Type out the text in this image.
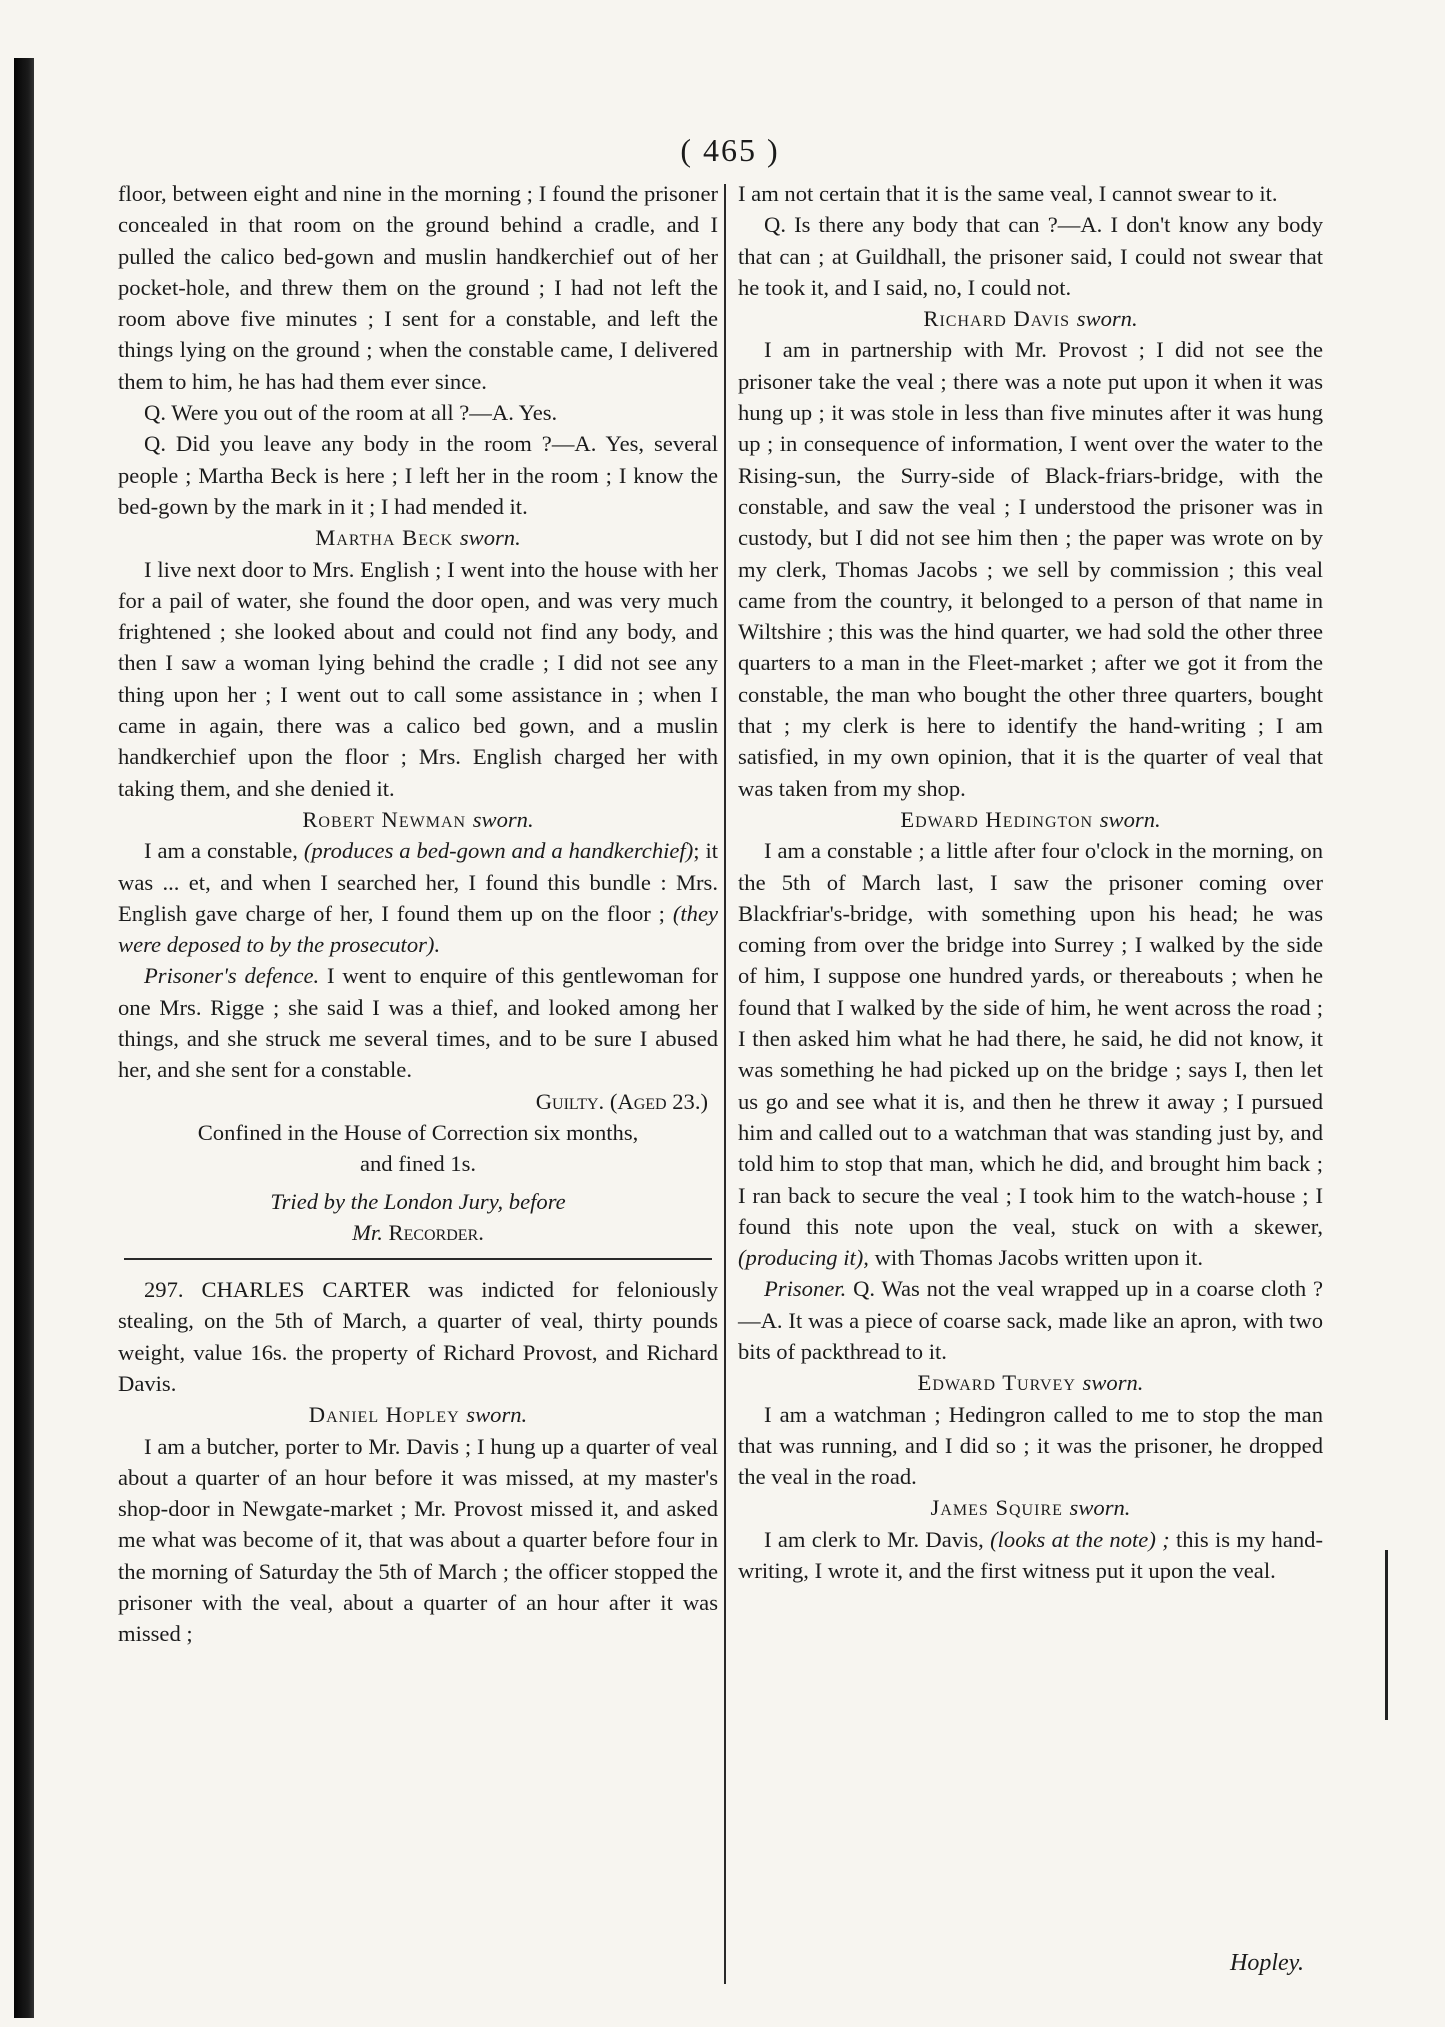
( 465 )

floor, between eight and nine in the morning ; I found the prisoner concealed in that room on the ground behind a cradle, and I pulled the calico bed-gown and muslin handkerchief out of her pocket-hole, and threw them on the ground ; I had not left the room above five minutes ; I sent for a constable, and left the things lying on the ground ; when the constable came, I delivered them to him, he has had them ever since.

Q. Were you out of the room at all ?—A. Yes.

Q. Did you leave any body in the room ?—A. Yes, several people ; Martha Beck is here ; I left her in the room ; I know the bed-gown by the mark in it ; I had mended it.

Martha Beck sworn.

I live next door to Mrs. English ; I went into the house with her for a pail of water, she found the door open, and was very much frightened ; she looked about and could not find any body, and then I saw a woman lying behind the cradle ; I did not see any thing upon her ; I went out to call some assistance in ; when I came in again, there was a calico bed gown, and a muslin handkerchief upon the floor ; Mrs. English charged her with taking them, and she denied it.

Robert Newman sworn.

I am a constable, (produces a bed-gown and a handkerchief); it was ... et, and when I searched her, I found this bundle : Mrs. English gave charge of her, I found them up on the floor ; (they were deposed to by the prosecutor).

Prisoner's defence. I went to enquire of this gentlewoman for one Mrs. Rigge ; she said I was a thief, and looked among her things, and she struck me several times, and to be sure I abused her, and she sent for a constable.

Guilty. (Aged 23.)

Confined in the House of Correction six months,

and fined 1s.

Tried by the London Jury, before

Mr. Recorder.

297. CHARLES CARTER was indicted for feloniously stealing, on the 5th of March, a quarter of veal, thirty pounds weight, value 16s. the property of Richard Provost, and Richard Davis.

Daniel Hopley sworn.

I am a butcher, porter to Mr. Davis ; I hung up a quarter of veal about a quarter of an hour before it was missed, at my master's shop-door in Newgate-market ; Mr. Provost missed it, and asked me what was become of it, that was about a quarter before four in the morning of Saturday the 5th of March ; the officer stopped the prisoner with the veal, about a quarter of an hour after it was missed ;

I am not certain that it is the same veal, I cannot swear to it.

Q. Is there any body that can ?—A. I don't know any body that can ; at Guildhall, the prisoner said, I could not swear that he took it, and I said, no, I could not.

Richard Davis sworn.

I am in partnership with Mr. Provost ; I did not see the prisoner take the veal ; there was a note put upon it when it was hung up ; it was stole in less than five minutes after it was hung up ; in consequence of information, I went over the water to the Rising-sun, the Surry-side of Black-friars-bridge, with the constable, and saw the veal ; I understood the prisoner was in custody, but I did not see him then ; the paper was wrote on by my clerk, Thomas Jacobs ; we sell by commission ; this veal came from the country, it belonged to a person of that name in Wiltshire ; this was the hind quarter, we had sold the other three quarters to a man in the Fleet-market ; after we got it from the constable, the man who bought the other three quarters, bought that ; my clerk is here to identify the hand-writing ; I am satisfied, in my own opinion, that it is the quarter of veal that was taken from my shop.

Edward Hedington sworn.

I am a constable ; a little after four o'clock in the morning, on the 5th of March last, I saw the prisoner coming over Blackfriar's-bridge, with something upon his head; he was coming from over the bridge into Surrey ; I walked by the side of him, I suppose one hundred yards, or thereabouts ; when he found that I walked by the side of him, he went across the road ; I then asked him what he had there, he said, he did not know, it was something he had picked up on the bridge ; says I, then let us go and see what it is, and then he threw it away ; I pursued him and called out to a watchman that was standing just by, and told him to stop that man, which he did, and brought him back ; I ran back to secure the veal ; I took him to the watch-house ; I found this note upon the veal, stuck on with a skewer, (producing it), with Thomas Jacobs written upon it.

Prisoner. Q. Was not the veal wrapped up in a coarse cloth ?—A. It was a piece of coarse sack, made like an apron, with two bits of packthread to it.

Edward Turvey sworn.

I am a watchman ; Hedingron called to me to stop the man that was running, and I did so ; it was the prisoner, he dropped the veal in the road.

James Squire sworn.

I am clerk to Mr. Davis, (looks at the note) ; this is my hand-writing, I wrote it, and the first witness put it upon the veal.

Hopley.
